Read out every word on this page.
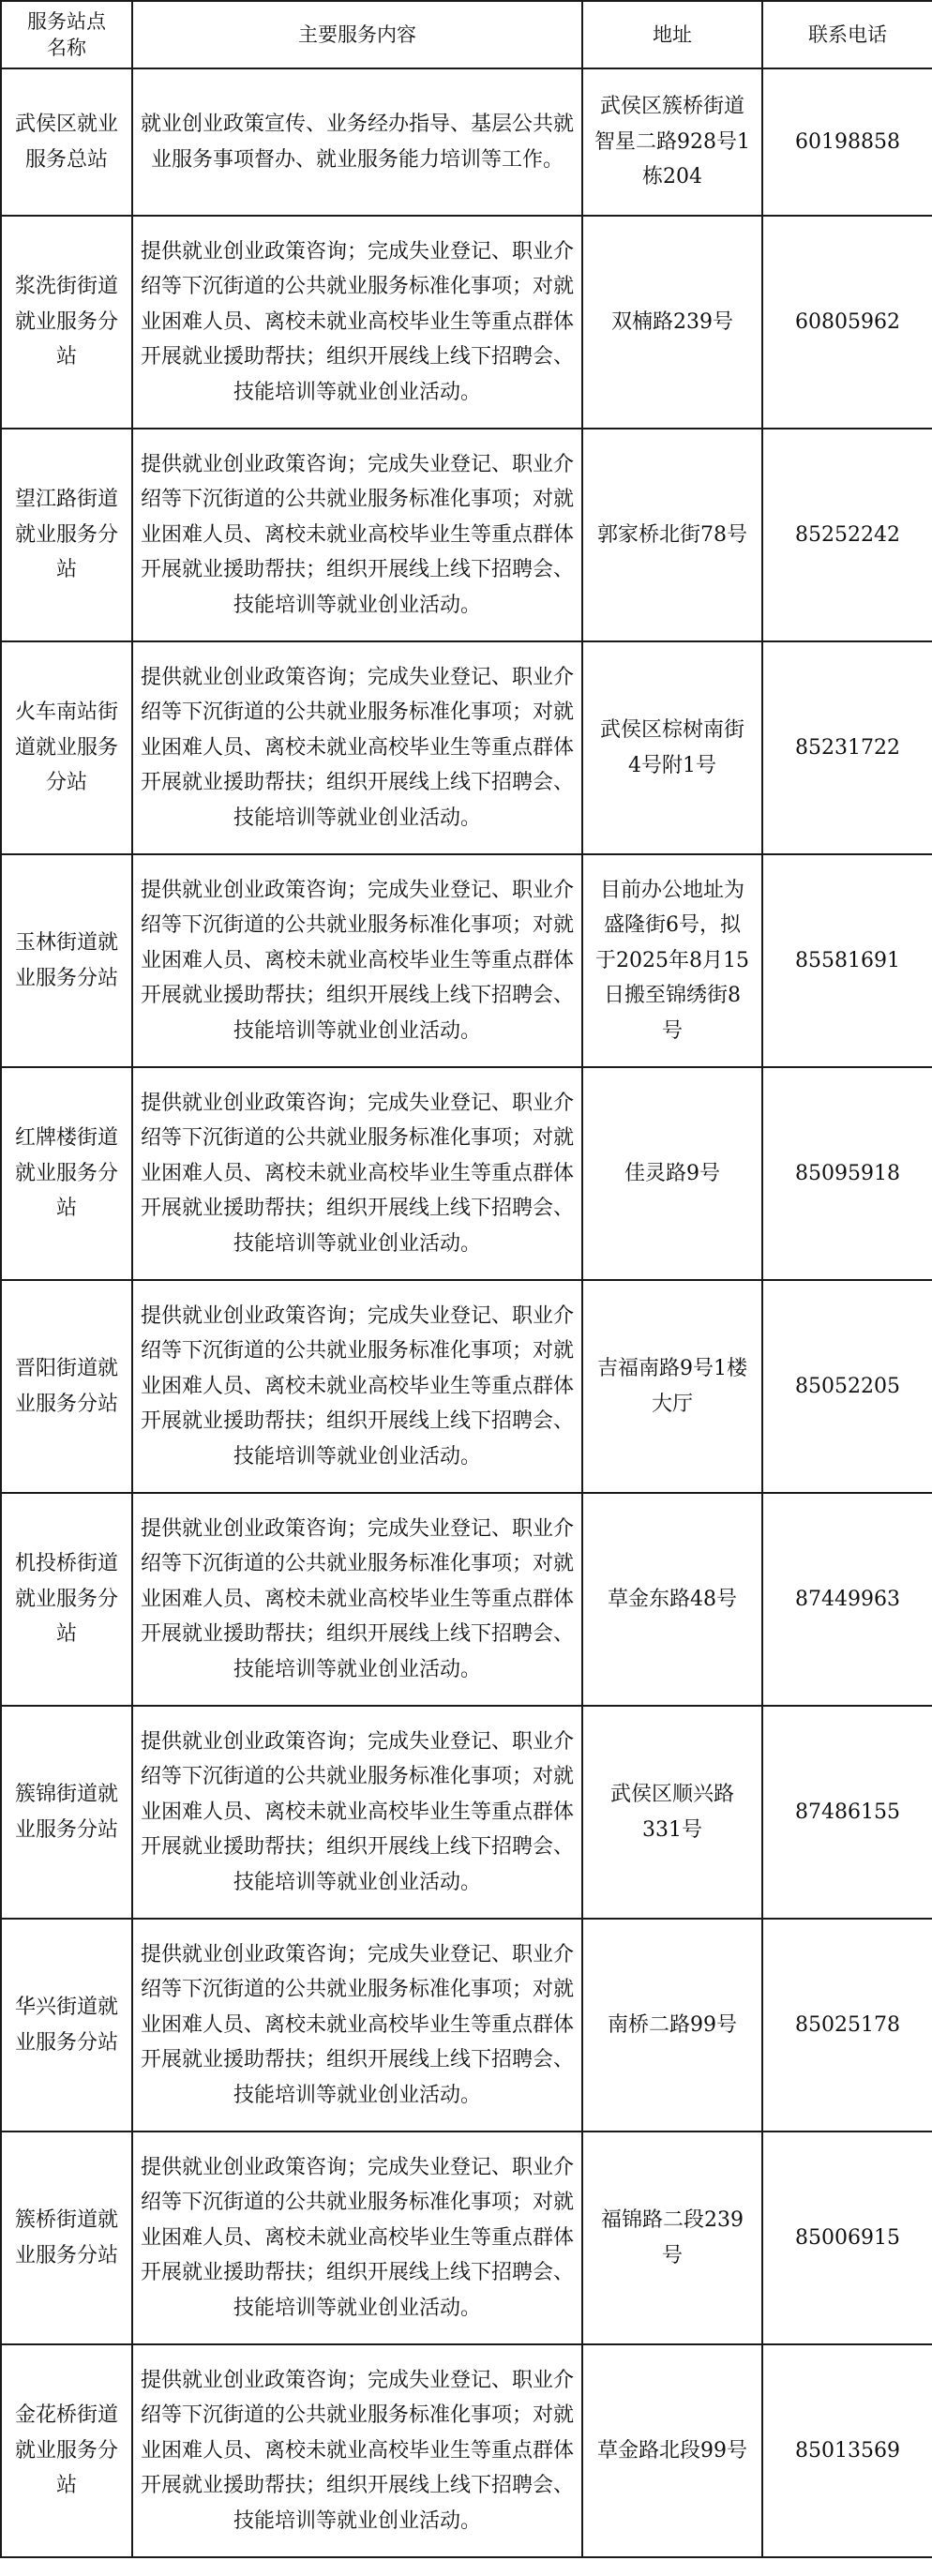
服务站点名称	主要服务内容	地址	联系电话
武侯区就业服务总站	就业创业政策宣传、业务经办指导、基层公共就业服务事项督办、就业服务能力培训等工作。	武侯区簇桥街道智星二路928号1栋204	60198858
浆洗街街道就业服务分站	提供就业创业政策咨询；完成失业登记、职业介绍等下沉街道的公共就业服务标准化事项；对就业困难人员、离校未就业高校毕业生等重点群体开展就业援助帮扶；组织开展线上线下招聘会、技能培训等就业创业活动。	双楠路239号	60805962
望江路街道就业服务分站	提供就业创业政策咨询；完成失业登记、职业介绍等下沉街道的公共就业服务标准化事项；对就业困难人员、离校未就业高校毕业生等重点群体开展就业援助帮扶；组织开展线上线下招聘会、技能培训等就业创业活动。	郭家桥北街78号	85252242
火车南站街道就业服务分站	提供就业创业政策咨询；完成失业登记、职业介绍等下沉街道的公共就业服务标准化事项；对就业困难人员、离校未就业高校毕业生等重点群体开展就业援助帮扶；组织开展线上线下招聘会、技能培训等就业创业活动。	武侯区棕树南街4号附1号	85231722
玉林街道就业服务分站	提供就业创业政策咨询；完成失业登记、职业介绍等下沉街道的公共就业服务标准化事项；对就业困难人员、离校未就业高校毕业生等重点群体开展就业援助帮扶；组织开展线上线下招聘会、技能培训等就业创业活动。	目前办公地址为盛隆街6号，拟于2025年8月15日搬至锦绣街8号	85581691
红牌楼街道就业服务分站	提供就业创业政策咨询；完成失业登记、职业介绍等下沉街道的公共就业服务标准化事项；对就业困难人员、离校未就业高校毕业生等重点群体开展就业援助帮扶；组织开展线上线下招聘会、技能培训等就业创业活动。	佳灵路9号	85095918
晋阳街道就业服务分站	提供就业创业政策咨询；完成失业登记、职业介绍等下沉街道的公共就业服务标准化事项；对就业困难人员、离校未就业高校毕业生等重点群体开展就业援助帮扶；组织开展线上线下招聘会、技能培训等就业创业活动。	吉福南路9号1楼大厅	85052205
机投桥街道就业服务分站	提供就业创业政策咨询；完成失业登记、职业介绍等下沉街道的公共就业服务标准化事项；对就业困难人员、离校未就业高校毕业生等重点群体开展就业援助帮扶；组织开展线上线下招聘会、技能培训等就业创业活动。	草金东路48号	87449963
簇锦街道就业服务分站	提供就业创业政策咨询；完成失业登记、职业介绍等下沉街道的公共就业服务标准化事项；对就业困难人员、离校未就业高校毕业生等重点群体开展就业援助帮扶；组织开展线上线下招聘会、技能培训等就业创业活动。	武侯区顺兴路331号	87486155
华兴街道就业服务分站	提供就业创业政策咨询；完成失业登记、职业介绍等下沉街道的公共就业服务标准化事项；对就业困难人员、离校未就业高校毕业生等重点群体开展就业援助帮扶；组织开展线上线下招聘会、技能培训等就业创业活动。	南桥二路99号	85025178
簇桥街道就业服务分站	提供就业创业政策咨询；完成失业登记、职业介绍等下沉街道的公共就业服务标准化事项；对就业困难人员、离校未就业高校毕业生等重点群体开展就业援助帮扶；组织开展线上线下招聘会、技能培训等就业创业活动。	福锦路二段239号	85006915
金花桥街道就业服务分站	提供就业创业政策咨询；完成失业登记、职业介绍等下沉街道的公共就业服务标准化事项；对就业困难人员、离校未就业高校毕业生等重点群体开展就业援助帮扶；组织开展线上线下招聘会、技能培训等就业创业活动。	草金路北段99号	85013569
